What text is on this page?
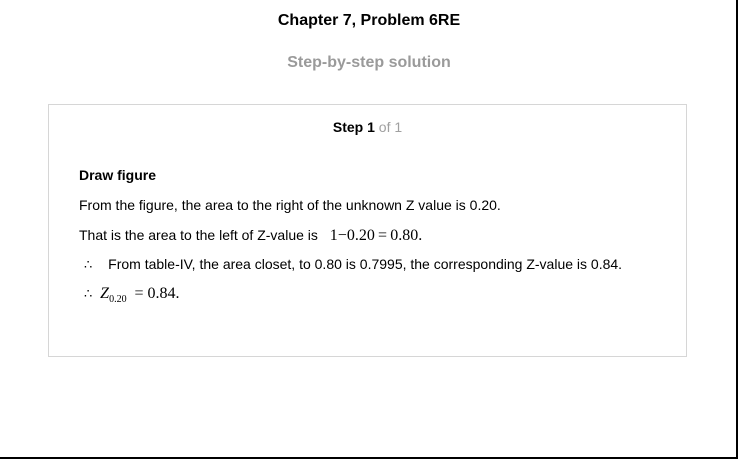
Chapter 7, Problem 6RE
Step-by-step solution
Step 1 of 1
Draw figure
From the figure, the area to the right of the unknown Z value is 0.20.
That is the area to the left of Z-value is 1−0.20 = 0.80.
∴ From table-IV, the area closet, to 0.80 is 0.7995, the corresponding Z-value is 0.84.
∴ $Z_{0.20} = 0.84$.
